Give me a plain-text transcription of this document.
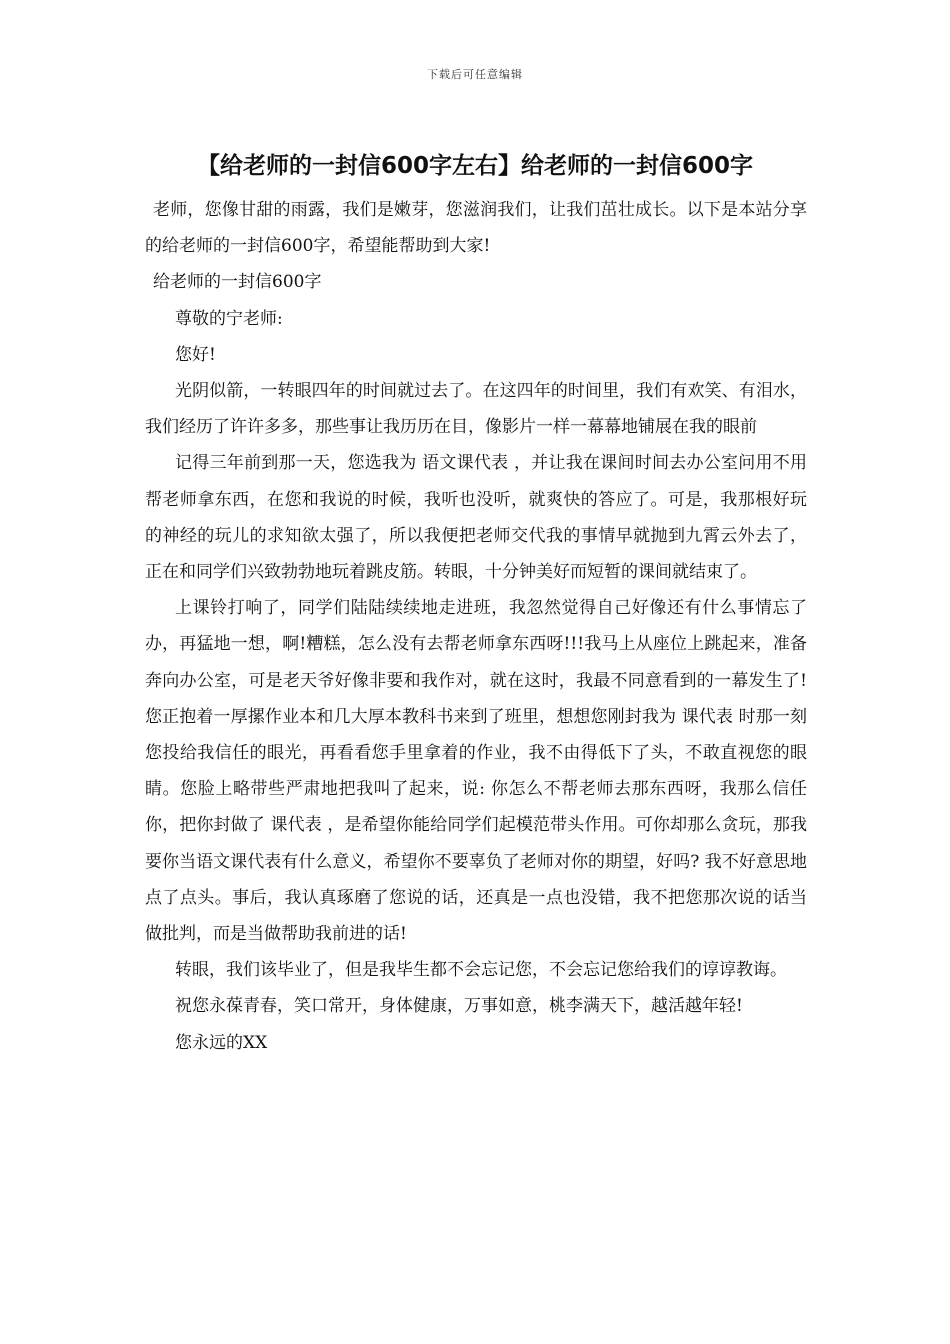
下载后可任意编辑
【给老师的一封信600字左右】给老师的一封信600字

老师，您像甘甜的雨露，我们是嫩芽，您滋润我们，让我们茁壮成长。以下是本站分享的给老师的一封信600字，希望能帮助到大家!

给老师的一封信600字

尊敬的宁老师:

您好!

光阴似箭，一转眼四年的时间就过去了。在这四年的时间里，我们有欢笑、有泪水，我们经历了许许多多，那些事让我历历在目，像影片一样一幕幕地铺展在我的眼前

记得三年前到那一天，您选我为 语文课代表 ，并让我在课间时间去办公室问用不用帮老师拿东西，在您和我说的时候，我听也没听，就爽快的答应了。可是，我那根好玩的神经的玩儿的求知欲太强了，所以我便把老师交代我的事情早就抛到九霄云外去了，正在和同学们兴致勃勃地玩着跳皮筋。转眼，十分钟美好而短暂的课间就结束了。

上课铃打响了，同学们陆陆续续地走进班，我忽然觉得自己好像还有什么事情忘了办，再猛地一想，啊!糟糕，怎么没有去帮老师拿东西呀!!!我马上从座位上跳起来，准备奔向办公室，可是老天爷好像非要和我作对，就在这时，我最不同意看到的一幕发生了!您正抱着一厚摞作业本和几大厚本教科书来到了班里，想想您刚封我为 课代表 时那一刻您投给我信任的眼光，再看看您手里拿着的作业，我不由得低下了头，不敢直视您的眼睛。您脸上略带些严肃地把我叫了起来，说: 你怎么不帮老师去那东西呀，我那么信任你，把你封做了 课代表 ，是希望你能给同学们起模范带头作用。可你却那么贪玩，那我要你当语文课代表有什么意义，希望你不要辜负了老师对你的期望，好吗? 我不好意思地点了点头。事后，我认真琢磨了您说的话，还真是一点也没错，我不把您那次说的话当做批判，而是当做帮助我前进的话!

转眼，我们该毕业了，但是我毕生都不会忘记您，不会忘记您给我们的谆谆教诲。

祝您永葆青春，笑口常开，身体健康，万事如意，桃李满天下，越活越年轻!

您永远的XX
